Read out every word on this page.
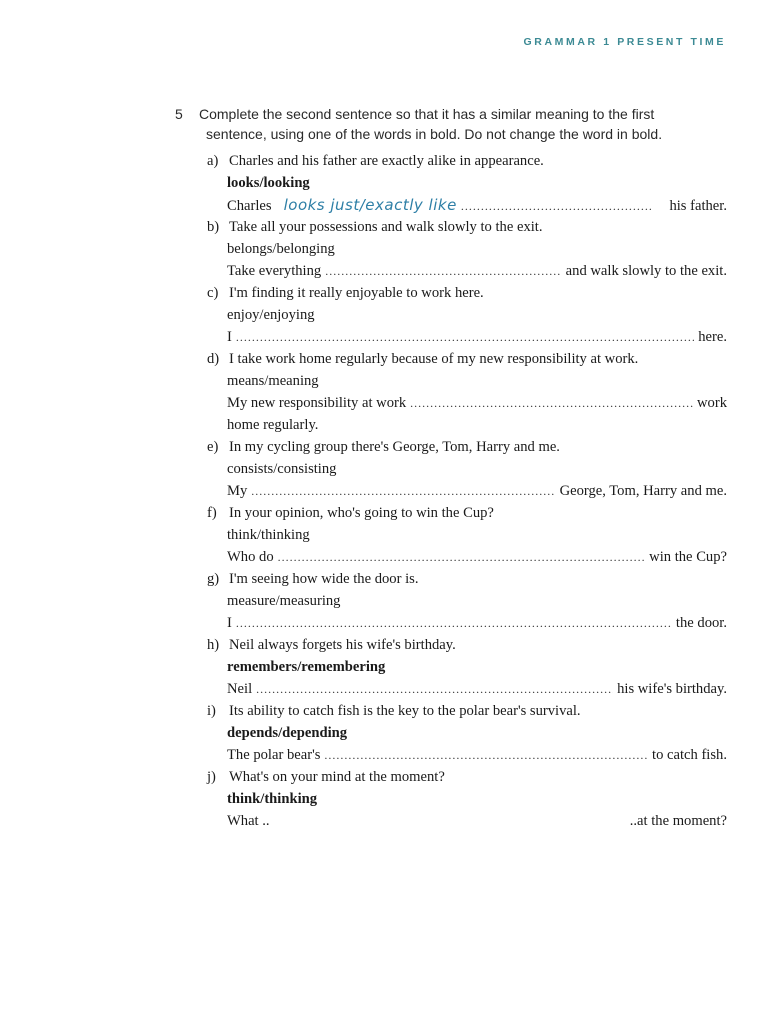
GRAMMAR 1 PRESENT TIME
5 Complete the second sentence so that it has a similar meaning to the first
sentence, using one of the words in bold. Do not change the word in bold.
a) Charles and his father are exactly alike in appearance.
looks/looking
Charles looks just/exactly like .....	his father.
b) Take all your possessions and walk slowly to the exit.
belongs/belonging
Take everything .....	and walk slowly to the exit.
c) I'm finding it really enjoyable to work here.
enjoy/enjoying
I .....	here.
d) I take work home regularly because of my new responsibility at work.
means/meaning
My new responsibility at work .....	work
home regularly.
e) In my cycling group there's George, Tom, Harry and me.
consists/consisting
My .....	George, Tom, Harry and me.
f) In your opinion, who's going to win the Cup?
think/thinking
Who do .....	win the Cup?
g) I'm seeing how wide the door is.
measure/measuring
I .....	the door.
h) Neil always forgets his wife's birthday.
remembers/remembering
Neil .....	his wife's birthday.
i) Its ability to catch fish is the key to the polar bear's survival.
depends/depending
The polar bear's .....	to catch fish.
j) What's on your mind at the moment?
think/thinking
What ..	..at the moment?
